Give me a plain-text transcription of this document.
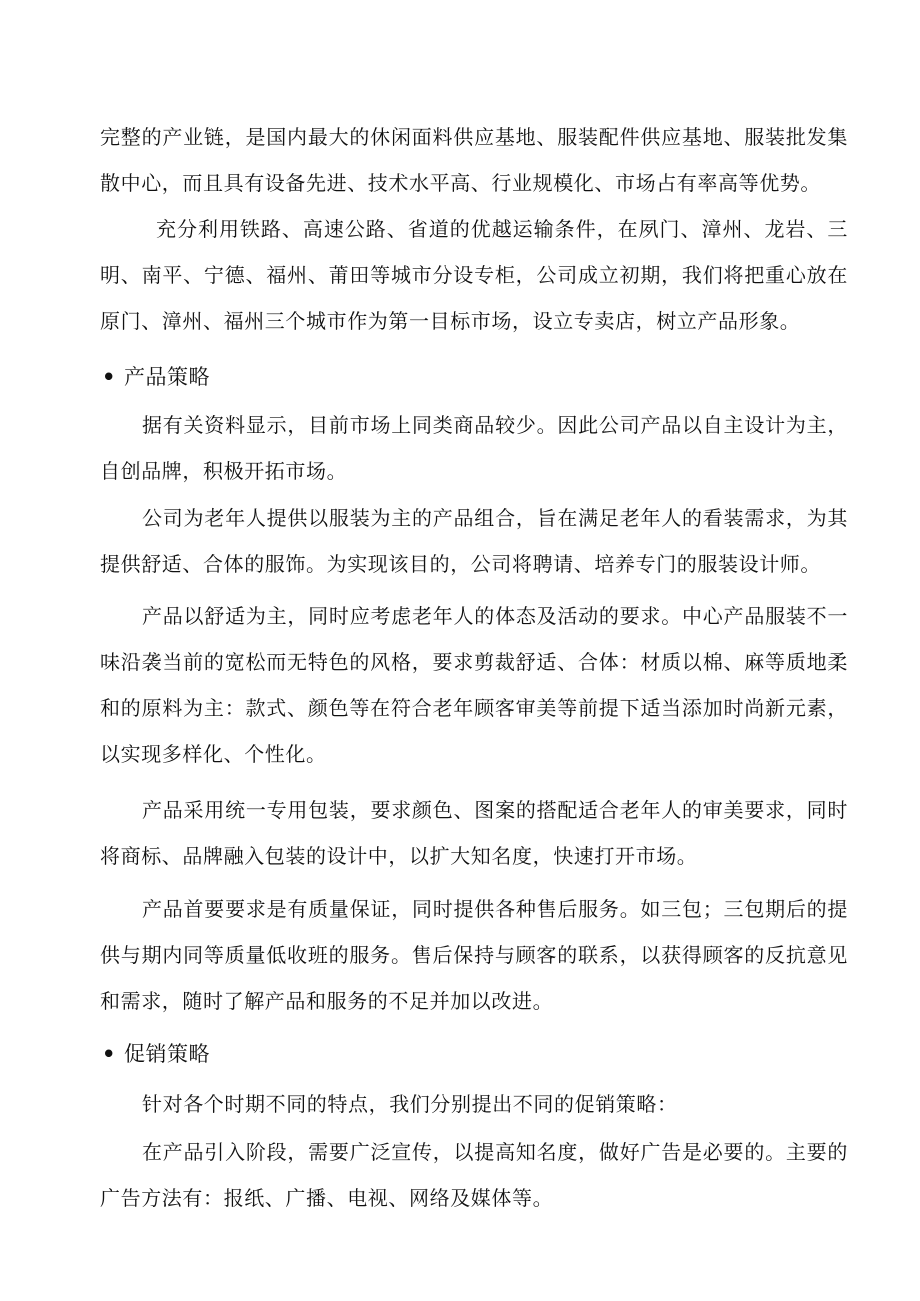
完整的产业链，是国内最大的休闲面料供应基地、服装配件供应基地、服装批发集散中心，而且具有设备先进、技术水平高、行业规模化、市场占有率高等优势。

充分利用铁路、高速公路、省道的优越运输条件，在夙门、漳州、龙岩、三明、南平、宁德、福州、莆田等城市分设专柜，公司成立初期，我们将把重心放在原门、漳州、福州三个城市作为第一目标市场，设立专卖店，树立产品形象。

• 产品策略

据有关资料显示，目前市场上同类商品较少。因此公司产品以自主设计为主，自创品牌，积极开拓市场。

公司为老年人提供以服装为主的产品组合，旨在满足老年人的看装需求，为其提供舒适、合体的服饰。为实现该目的，公司将聘请、培养专门的服装设计师。

产品以舒适为主，同时应考虑老年人的体态及活动的要求。中心产品服装不一味沿袭当前的宽松而无特色的风格，要求剪裁舒适、合体：材质以棉、麻等质地柔和的原料为主：款式、颜色等在符合老年顾客审美等前提下适当添加时尚新元素，以实现多样化、个性化。

产品采用统一专用包装，要求颜色、图案的搭配适合老年人的审美要求，同时将商标、品牌融入包装的设计中，以扩大知名度，快速打开市场。

产品首要要求是有质量保证，同时提供各种售后服务。如三包；三包期后的提供与期内同等质量低收班的服务。售后保持与顾客的联系，以获得顾客的反抗意见和需求，随时了解产品和服务的不足并加以改进。

• 促销策略

针对各个时期不同的特点，我们分别提出不同的促销策略：

在产品引入阶段，需要广泛宣传，以提高知名度，做好广告是必要的。主要的广告方法有：报纸、广播、电视、网络及媒体等。
